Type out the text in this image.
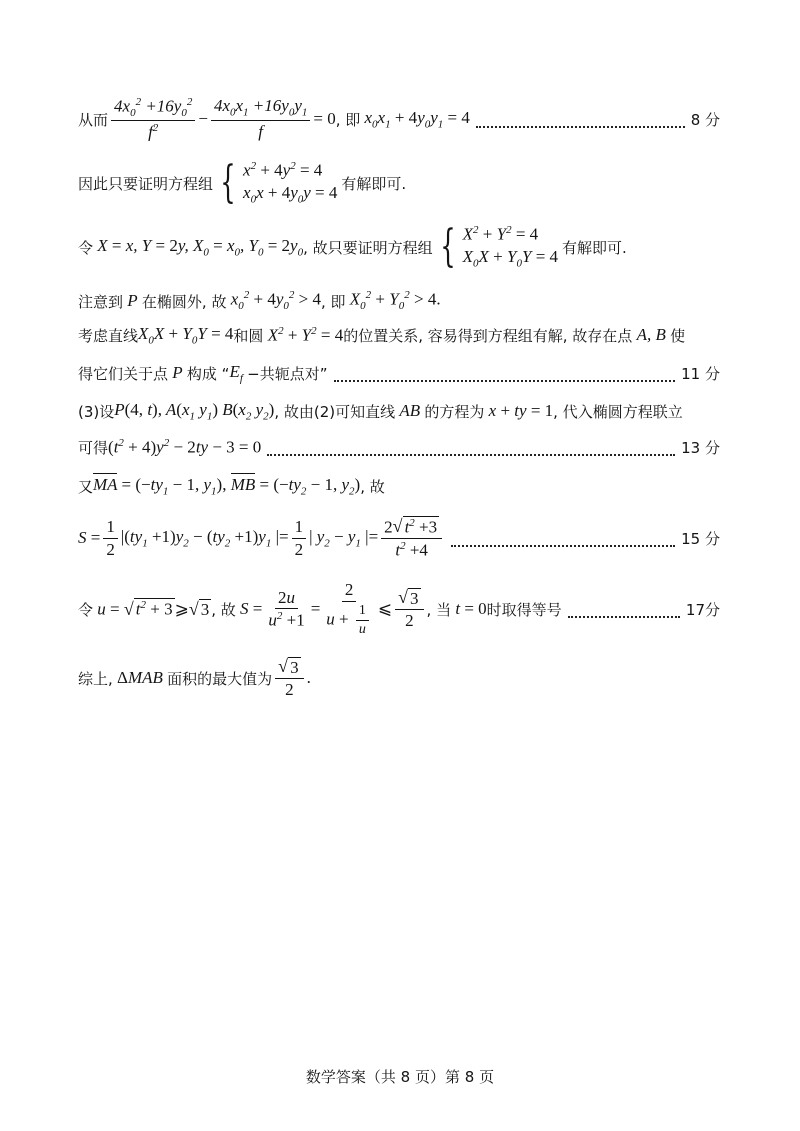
从而 $\frac{4x_0^2 +16y_0^2}{f^2} - \frac{4x_0x_1 +16y_0y_1}{f} = 0$ , 即 $x_0x_1 + 4y_0y_1 = 4$	8 分
因此只要证明方程组 { $x^2 + 4y^2 = 4$
$x_0x + 4y_0y = 4$ 有解即可.
令 X = x, Y = 2y, $X_0 = x_0$, $Y_0 = 2y_0$ , 故只要证明方程组 { $X^2 + Y^2 = 4$
$X_0X + Y_0Y = 4$ 有解即可.
注意到 P 在椭圆外, 故 $x_0^2 + 4y_0^2 > 4$ , 即 $X_0^2 + Y_0^2 > 4$.
考虑直线 $X_0X + Y_0Y = 4$ 和圆 $X^2 + Y^2 = 4$ 的位置关系, 容易得到方程组有解, 故存在点 A, B 使
得它们关于点 P 构成 “ $E_f$ −共轭点对”	11 分
(3)设 P(4, t), $A(x_1$ $y_1$) $B(x_2$ $y_2$) , 故由(2)可知直线 AB 的方程为 x + ty = 1 , 代入椭圆方程联立
可得 $(t^2 + 4)y^2 - 2ty - 3 = 0$	13 分
又 MA = ($-ty_1 - 1$, $y_1$), MB = ($-ty_2 - 1$, $y_2$) , 故
$S = \frac{1}{2} |(ty_1 +1)y_2 - (ty_2 +1)y_1$ |= $\frac{1}{2}$ | $y_2 - y_1$ |= $\frac{2 √ t^2 +3}{t^2 +4}$	15 分
令 u = √ $t^2 + 3$ ⩾ √ 3 , 故 $S = \frac{2u}{u^2 +1} = \frac{2}{u + \frac{1}{u}}$ ⩽ $\frac{√ 3}{2}$ , 当 t = 0 时取得等号	17分
综上, ΔMAB 面积的最大值为 $\frac{√ 3}{2}$ .
数学答案（共 8 页）第 8 页
